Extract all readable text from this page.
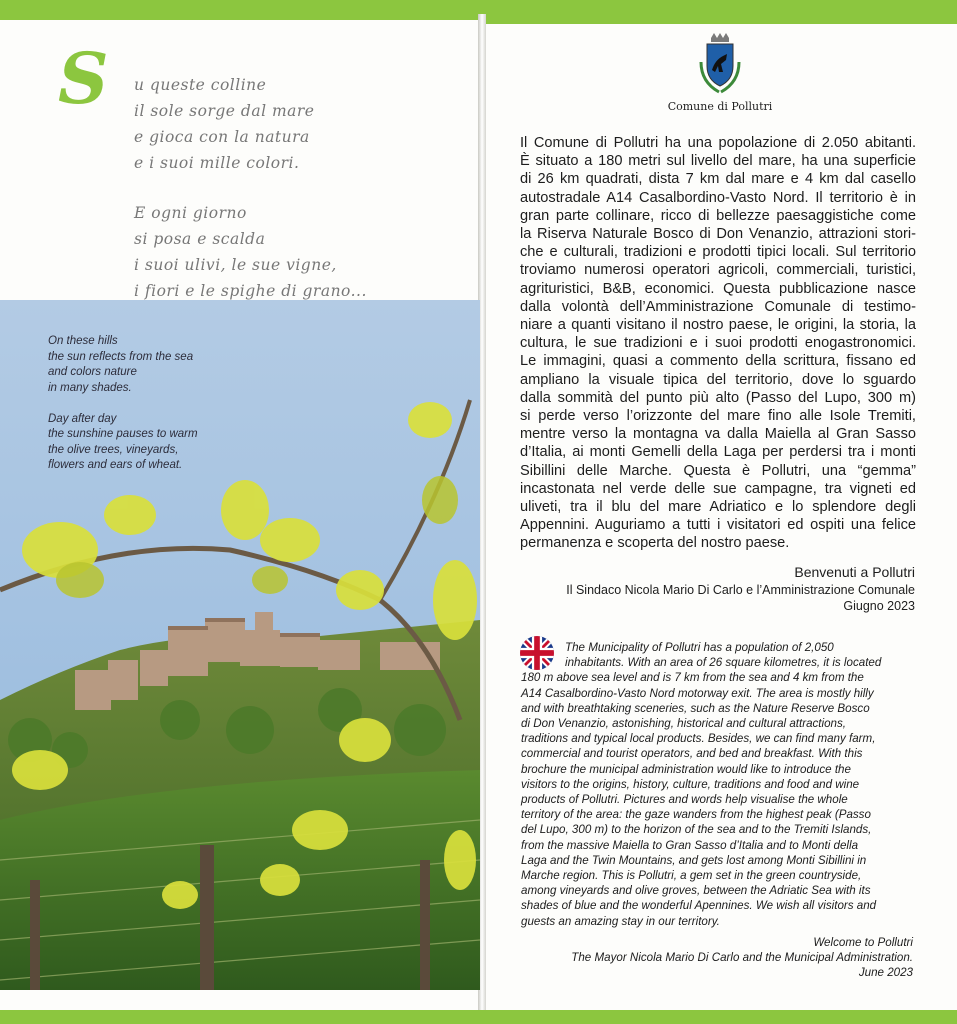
S u queste colline
il sole sorge dal mare
e gioca con la natura
e i suoi mille colori.
E ogni giorno
si posa e scalda
i suoi ulivi, le sue vigne,
i fiori e le spighe di grano...
On these hills
the sun reflects from the sea
and colors nature
in many shades.
Day after day
the sunshine pauses to warm
the olive trees, vineyards,
flowers and ears of wheat.
Comune di Pollutri
Il Comune di Pollutri ha una popolazione di 2.050 abitanti.
È situato a 180 metri sul livello del mare, ha una superficie
di 26 km quadrati, dista 7 km dal mare e 4 km dal casello
autostradale A14 Casalbordino-Vasto Nord. Il territorio è in
gran parte collinare, ricco di bellezze paesaggistiche come
la Riserva Naturale Bosco di Don Venanzio, attrazioni stori-
che e culturali, tradizioni e prodotti tipici locali. Sul territorio
troviamo numerosi operatori agricoli, commerciali, turistici,
agrituristici, B&B, economici. Questa pubblicazione nasce
dalla volontà dell’Amministrazione Comunale di testimo-
niare a quanti visitano il nostro paese, le origini, la storia, la
cultura, le sue tradizioni e i suoi prodotti enogastronomici.
Le immagini, quasi a commento della scrittura, fissano ed
ampliano la visuale tipica del territorio, dove lo sguardo
dalla sommità del punto più alto (Passo del Lupo, 300 m)
si perde verso l’orizzonte del mare fino alle Isole Tremiti,
mentre verso la montagna va dalla Maiella al Gran Sasso
d’Italia, ai monti Gemelli della Laga per perdersi tra i monti
Sibillini delle Marche. Questa è Pollutri, una “gemma”
incastonata nel verde delle sue campagne, tra vigneti ed
uliveti, tra il blu del mare Adriatico e lo splendore degli
Appennini. Auguriamo a tutti i visitatori ed ospiti una felice
permanenza e scoperta del nostro paese.
Benvenuti a Pollutri
Il Sindaco Nicola Mario Di Carlo e l’Amministrazione Comunale
Giugno 2023
The Municipality of Pollutri has a population of 2,050
inhabitants. With an area of 26 square kilometres, it is located
180 m above sea level and is 7 km from the sea and 4 km from the
A14 Casalbordino-Vasto Nord motorway exit. The area is mostly hilly
and with breathtaking sceneries, such as the Nature Reserve Bosco
di Don Venanzio, astonishing, historical and cultural attractions,
traditions and typical local products. Besides, we can find many farm,
commercial and tourist operators, and bed and breakfast. With this
brochure the municipal administration would like to introduce the
visitors to the origins, history, culture, traditions and food and wine
products of Pollutri. Pictures and words help visualise the whole
territory of the area: the gaze wanders from the highest peak (Passo
del Lupo, 300 m) to the horizon of the sea and to the Tremiti Islands,
from the massive Maiella to Gran Sasso d’Italia and to Monti della
Laga and the Twin Mountains, and gets lost among Monti Sibillini in
Marche region. This is Pollutri, a gem set in the green countryside,
among vineyards and olive groves, between the Adriatic Sea with its
shades of blue and the wonderful Apennines. We wish all visitors and
guests an amazing stay in our territory.
Welcome to Pollutri
The Mayor Nicola Mario Di Carlo and the Municipal Administration.
June 2023
